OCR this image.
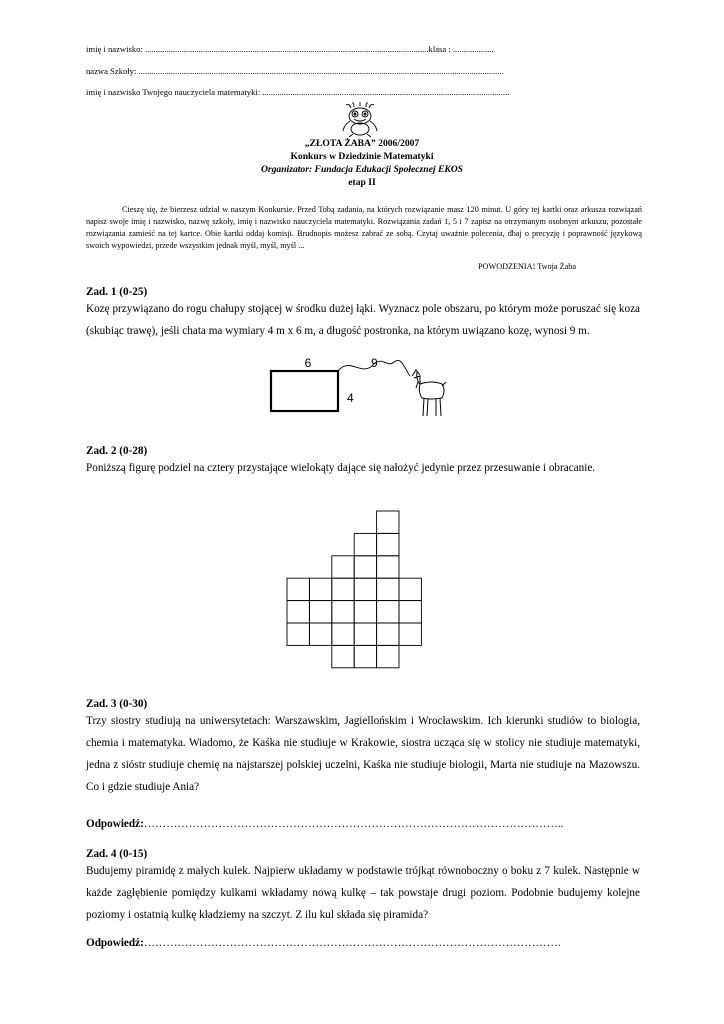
imię i nazwisko: ....................................................................................................................................klasa : ...................
nazwa Szkoły: ..........................................................................................................................................................................
imię i nazwisko Twojego nauczyciela matematyki: ...................................................................................................................
„ZŁOTA ŻABA” 2006/2007
Konkurs w Dziedzinie Matematyki
Organizator: Fundacja Edukacji Społecznej EKOS
etap II

Cieszę się, że bierzesz udział w naszym Konkursie. Przed Tobą zadania, na których rozwiązanie masz 120 minut. U góry tej kartki oraz arkusza rozwiązań napisz swoje imię i nazwisko, nazwę szkoły, imię i nazwisko nauczyciela matematyki. Rozwiązania zadań 1, 5 i 7 zapisz na otrzymanym osobnym arkuszu, pozostałe rozwiązania zamieść na tej kartce. Obie kartki oddaj komisji. Brudnopis możesz zabrać ze sobą. Czytaj uważnie polecenia, dbaj o precyzję i poprawność językową swoich wypowiedzi, przede wszystkim jednak myśl, myśl, myśl ...

POWODZENIA! Twoja Żaba
Zad. 1 (0-25)
Kozę przywiązano do rogu chałupy stojącej w środku dużej łąki. Wyznacz pole obszaru, po którym może poruszać się koza (skubiąc trawę), jeśli chata ma wymiary 4 m x 6 m, a długość postronka, na którym uwiązano kozę, wynosi 9 m.
6
4
9
Zad. 2 (0-28)
Poniższą figurę podziel na cztery przystające wielokąty dające się nałożyć jedynie przez przesuwanie i obracanie.
Zad. 3 (0-30)
Trzy siostry studiują na uniwersytetach: Warszawskim, Jagiellońskim i Wrocławskim. Ich kierunki studiów to biologia, chemia i matematyka. Wiadomo, że Kaśka nie studiuje w Krakowie, siostra ucząca się w stolicy nie studiuje matematyki, jedna z sióstr studiuje chemię na najstarszej polskiej uczelni, Kaśka nie studiuje biologii, Marta nie studiuje na Mazowszu. Co i gdzie studiuje Ania?
Odpowiedź:…………………………………………………………………………………………………..
Zad. 4 (0-15)
Budujemy piramidę z małych kulek. Najpierw układamy w podstawie trójkąt równoboczny o boku z 7 kulek. Następnie w każde zagłębienie pomiędzy kulkami wkładamy nową kulkę – tak powstaje drugi poziom. Podobnie budujemy kolejne poziomy i ostatnią kulkę kładziemy na szczyt. Z ilu kul składa się piramida?
Odpowiedź:………………………………………………………………………………………………….
